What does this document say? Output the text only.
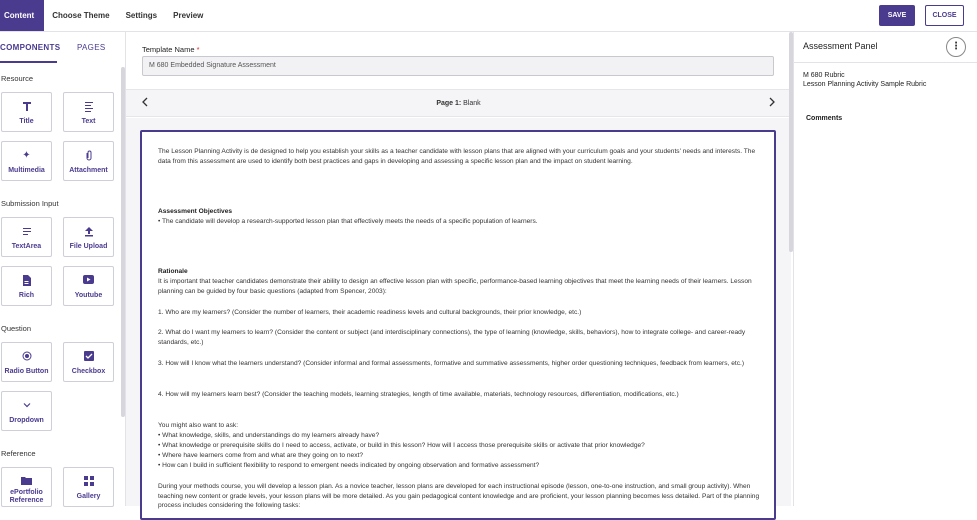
Content	Choose Theme	Settings	Preview	SAVE	CLOSE
COMPONENTS PAGES
Resource
Title	Text
✦
Multimedia	Attachment
Submission Input
TextArea	File Upload
Rich	Youtube
Question
Radio Button	Checkbox
Dropdown
Reference
ePortfolio Reference
Gallery
Template Name *
M 680 Embedded Signature Assessment
Page 1: Blank

The Lesson Planning Activity is de designed to help you establish your skills as a teacher candidate with lesson plans that are aligned with your curriculum goals and your students' needs and interests. The data from this assessment are used to identify both best practices and gaps in developing and assessing a specific lesson plan and the impact on student learning.

Assessment Objectives

• The candidate will develop a research-supported lesson plan that effectively meets the needs of a specific population of learners.

Rationale

It is important that teacher candidates demonstrate their ability to design an effective lesson plan with specific, performance-based learning objectives that meet the learning needs of their learners. Lesson planning can be guided by four basic questions (adapted from Spencer, 2003):

1. Who are my learners? (Consider the number of learners, their academic readiness levels and cultural backgrounds, their prior knowledge, etc.)

2. What do I want my learners to learn? (Consider the content or subject (and interdisciplinary connections), the type of learning (knowledge, skills, behaviors), how to integrate college- and career-ready standards, etc.)

3. How will I know what the learners understand? (Consider informal and formal assessments, formative and summative assessments, higher order questioning techniques, feedback from learners, etc.)

4. How will my learners learn best? (Consider the teaching models, learning strategies, length of time available, materials, technology resources, differentiation, modifications, etc.)

You might also want to ask:

• What knowledge, skills, and understandings do my learners already have?

• What knowledge or prerequisite skills do I need to access, activate, or build in this lesson? How will I access those prerequisite skills or activate that prior knowledge?

• Where have learners come from and what are they going on to next?

• How can I build in sufficient flexibility to respond to emergent needs indicated by ongoing observation and formative assessment?

During your methods course, you will develop a lesson plan. As a novice teacher, lesson plans are developed for each instructional episode (lesson, one-to-one instruction, and small group activity). When teaching new content or grade levels, your lesson plans will be more detailed. As you gain pedagogical content knowledge and are proficient, your lesson planning becomes less detailed. Part of the planning process includes considering the following tasks:

Assessment Panel	⋮
M 680 Rubric
Lesson Planning Activity Sample Rubric
Comments
